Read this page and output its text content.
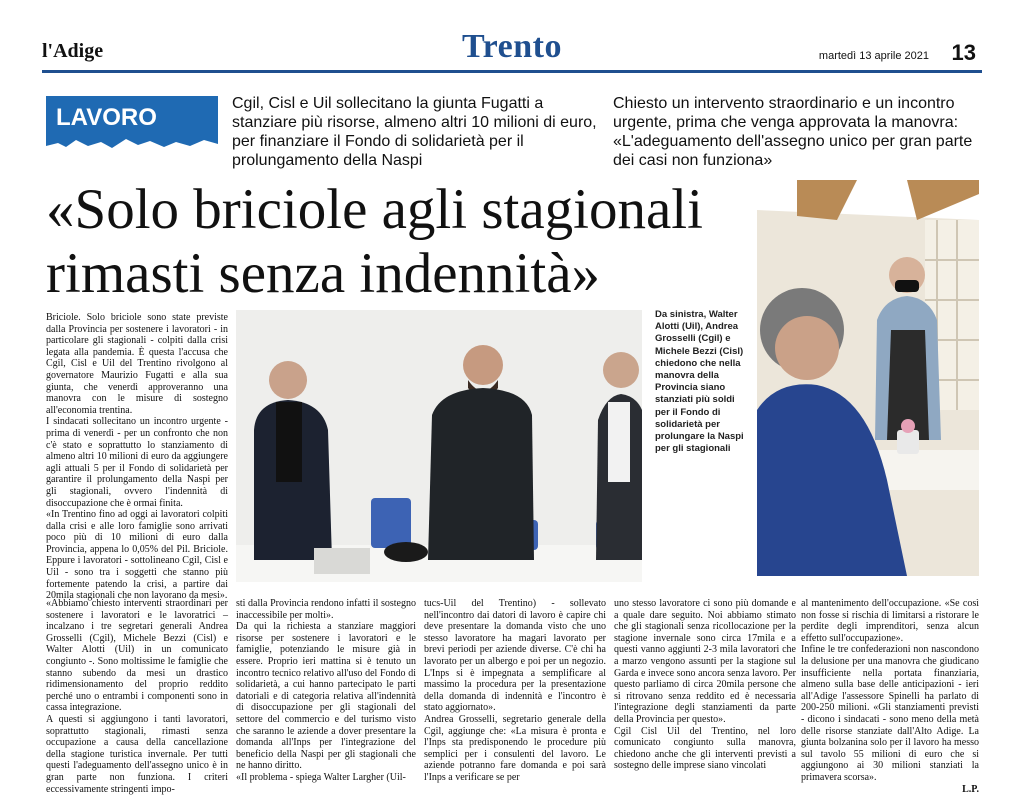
l'Adige	Trento	martedì 13 aprile 2021 13
LAVORO
Cgil, Cisl e Uil sollecitano la giunta Fugatti a stanziare più risorse, almeno altri 10 milioni di euro, per finanziare il Fondo di solidarietà per il prolungamento della Naspi
Chiesto un intervento straordinario e un incontro urgente, prima che venga approvata la manovra: «L'adeguamento dell'assegno unico per gran parte dei casi non funziona»
«Solo briciole agli stagionali
rimasti senza indennità»
Da sinistra, Walter Alotti (Uil), Andrea Grosselli (Cgil) e Michele Bezzi (Cisl) chiedono che nella manovra della Provincia siano stanziati più soldi per il Fondo di solidarietà per prolungare la Naspi per gli stagionali

Briciole. Solo briciole sono state previste dalla Provincia per sostenere i lavoratori - in particolare gli stagionali - colpiti dalla crisi legata alla pandemia. È questa l'accusa che Cgil, Cisl e Uil del Trentino rivolgono al governatore Maurizio Fugatti e alla sua giunta, che venerdì approveranno una manovra con le misure di sostegno all'economia trentina.

I sindacati sollecitano un incontro urgente - prima di venerdì - per un confronto che non c'è stato e soprattutto lo stanziamento di almeno altri 10 milioni di euro da aggiungere agli attuali 5 per il Fondo di solidarietà per garantire il prolungamento della Naspi per gli stagionali, ovvero l'indennità di disoccupazione che è ormai finita.

«In Trentino fino ad oggi ai lavoratori colpiti dalla crisi e alle loro famiglie sono arrivati poco più di 10 milioni di euro dalla Provincia, appena lo 0,05% del Pil. Briciole. Eppure i lavoratori - sottolineano Cgil, Cisl e Uil - sono tra i soggetti che stanno più fortemente patendo la crisi, a partire dai 20mila stagionali che non lavorano da mesi».

«Abbiamo chiesto interventi straordinari per sostenere i lavoratori e le lavoratrici – incalzano i tre segretari generali Andrea Grosselli (Cgil), Michele Bezzi (Cisl) e Walter Alotti (Uil) in un comunicato congiunto -. Sono moltissime le famiglie che stanno subendo da mesi un drastico ridimensionamento del proprio reddito perché uno o entrambi i componenti sono in cassa integrazione.

A questi si aggiungono i tanti lavoratori, soprattutto stagionali, rimasti senza occupazione a causa della cancellazione della stagione turistica invernale. Per tutti questi l'adeguamento dell'assegno unico è in gran parte non funziona. I criteri eccessivamente stringenti impo-

sti dalla Provincia rendono infatti il sostegno inaccessibile per molti».

Da qui la richiesta a stanziare maggiori risorse per sostenere i lavoratori e le famiglie, potenziando le misure già in essere. Proprio ieri mattina si è tenuto un incontro tecnico relativo all'uso del Fondo di solidarietà, a cui hanno partecipato le parti datoriali e di categoria relativa all'indennità di disoccupazione per gli stagionali del settore del commercio e del turismo visto che saranno le aziende a dover presentare la domanda all'Inps per l'integrazione del beneficio della Naspi per gli stagionali che ne hanno diritto.

«Il problema - spiega Walter Largher (Uil-

tucs-Uil del Trentino) - sollevato nell'incontro dai datori di lavoro è capire chi deve presentare la domanda visto che uno stesso lavoratore ha magari lavorato per brevi periodi per aziende diverse. C'è chi ha lavorato per un albergo e poi per un negozio. L'Inps si è impegnata a semplificare al massimo la procedura per la presentazione della domanda di indennità e l'incontro è stato aggiornato».

Andrea Grosselli, segretario generale della Cgil, aggiunge che: «La misura è pronta e l'Inps sta predisponendo le procedure più semplici per i consulenti del lavoro. Le aziende potranno fare domanda e poi sarà l'Inps a verificare se per

uno stesso lavoratore ci sono più domande e a quale dare seguito. Noi abbiamo stimato che gli stagionali senza ricollocazione per la stagione invernale sono circa 17mila e a questi vanno aggiunti 2-3 mila lavoratori che a marzo vengono assunti per la stagione sul Garda e invece sono ancora senza lavoro. Per questo parliamo di circa 20mila persone che si ritrovano senza reddito ed è necessaria l'integrazione degli stanziamenti da parte della Provincia per questo».

Cgil Cisl Uil del Trentino, nel loro comunicato congiunto sulla manovra, chiedono anche che gli interventi previsti a sostegno delle imprese siano vincolati

al mantenimento dell'occupazione. «Se così non fosse si rischia di limitarsi a ristorare le perdite degli imprenditori, senza alcun effetto sull'occupazione».

Infine le tre confederazioni non nascondono la delusione per una manovra che giudicano insufficiente nella portata finanziaria, almeno sulla base delle anticipazioni - ieri all'Adige l'assessore Spinelli ha parlato di 200-250 milioni. «Gli stanziamenti previsti - dicono i sindacati - sono meno della metà delle risorse stanziate dall'Alto Adige. La giunta bolzanina solo per il lavoro ha messo sul tavolo 55 milioni di euro che si aggiungono ai 30 milioni stanziati la primavera scorsa».

L.P.
